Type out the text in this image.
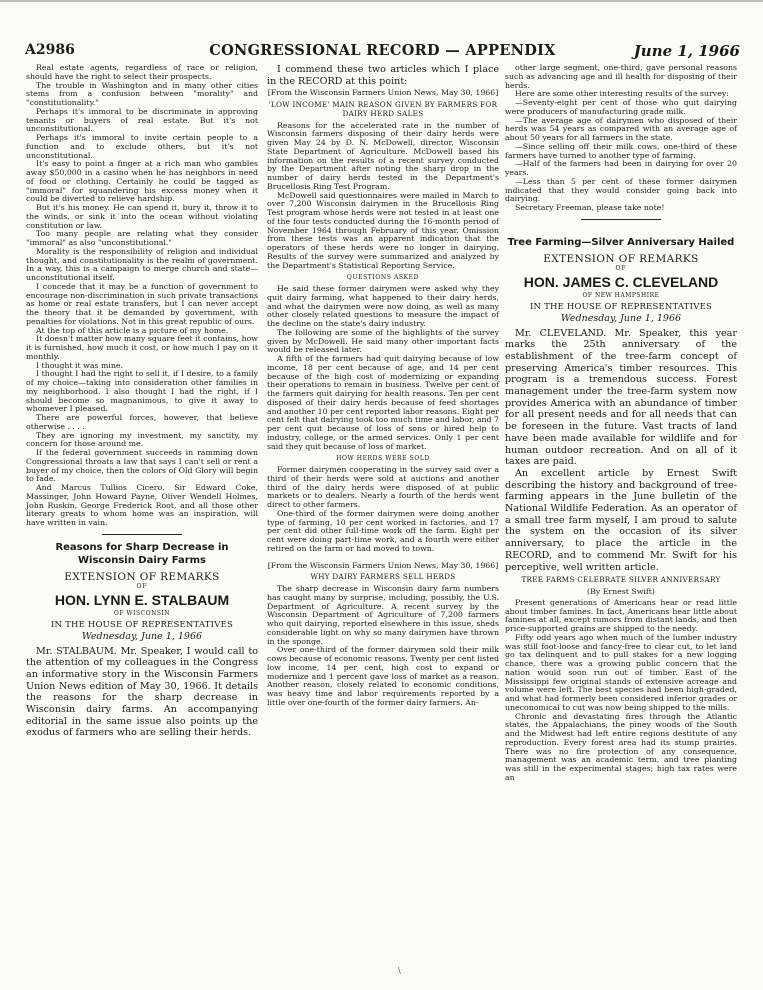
CONGRESSIONAL RECORD — APPENDIX
A2986	June 1, 1966

Real estate agents, regardless of race or religion, should have the right to select their prospects.

The trouble in Washington and in many other cities stems from a confusion between "morality" and "constitutionality."

Perhaps it's immoral to be discriminate in approving tenants or buyers of real estate. But it's not unconstitutional.

Perhaps it's immoral to invite certain people to a function and to exclude others, but it's not unconstitutional.

It's easy to point a finger at a rich man who gambles away $50,000 in a casino when he has neighbors in need of food or clothing. Certainly he could be tagged as "immoral" for squandering his excess money when it could be diverted to relieve hardship.

But it's his money. He can spend it, bury it, throw it to the winds, or sink it into the ocean without violating constitution or law.

Too many people are relating what they consider "immoral" as also "unconstitutional."

Morality is the responsibility of religion and individual thought, and constitutionality is the realm of government. In a way, this is a campaign to merge church and state—unconstitutional itself.

I concede that it may be a function of government to encourage non-discrimination in such private transactions as home or real estate transfers, but I can never accept the theory that it be demanded by government, with penalties for violations. Not in this great republic of ours.

At the top of this article is a picture of my home.

It doesn't matter how many square feet it contains, how it is furnished, how much it cost, or how much I pay on it monthly.

I thought it was mine.

I thought I had the right to sell it, if I desire, to a family of my choice—taking into consideration other families in my neighborhood. I also thought I had the right, if I should become so magnanimous, to give it away to whomever I pleased.

There are powerful forces, however, that believe otherwise . . . .

They are ignoring my investment, my sanctity, my concern for those around me.

If the federal government succeeds in ramming down Congressional throats a law that says I can't sell or rent a buyer of my choice, then the colors of Old Glory will begin to fade.

And Marcus Tullios Cicero, Sir Edward Coke, Massinger, John Howard Payne, Oliver Wendell Holmes, John Ruskin, George Frederick Root, and all those other literary greats to whom home was an inspiration, will have written in vain.

Reasons for Sharp Decrease in Wisconsin Dairy Farms
EXTENSION OF REMARKS
OF
HON. LYNN E. STALBAUM
OF WISCONSIN
IN THE HOUSE OF REPRESENTATIVES
Wednesday, June 1, 1966

Mr. STALBAUM. Mr. Speaker, I would call to the attention of my colleagues in the Congress an informative story in the Wisconsin Farmers Union News edition of May 30, 1966. It details the reasons for the sharp decrease in Wisconsin dairy farms. An accompanying editorial in the same issue also points up the exodus of farmers who are selling their herds.

I commend these two articles which I place in the RECORD at this point:

[From the Wisconsin Farmers Union News, May 30, 1966]
'LOW INCOME' MAIN REASON GIVEN BY FARMERS FOR DAIRY HERD SALES

Reasons for the accelerated rate in the number of Wisconsin farmers disposing of their dairy herds were given May 24 by D. N. McDowell, director, Wisconsin State Department of Agriculture. McDowell based his information on the results of a recent survey conducted by the Department after noting the sharp drop in the number of dairy herds tested in the Department's Brucellosis Ring Test Program.

McDowell said questionnaires were mailed in March to over 7,200 Wisconsin dairymen in the Brucellosis Ring Test program whose herds were not tested in at least one of the four tests conducted during the 16-month period of November 1964 through February of this year. Omission from these tests was an apparent indication that the operators of these herds were no longer in dairying. Results of the survey were summarized and analyzed by the Department's Statistical Reporting Service.

QUESTIONS ASKED

He said these former dairymen were asked why they quit dairy farming, what happened to their dairy herds, and what the dairymen were now doing, as well as many other closely related questions to measure the impact of the decline on the state's dairy industry.

The following are some of the highlights of the survey given by McDowell. He said many other important facts would be released later.

A fifth of the farmers had quit dairying because of low income, 18 per cent because of age, and 14 per cent because of the high cost of modernizing or expanding their operations to remain in business. Twelve per cent of the farmers quit dairying for health reasons. Ten per cent disposed of their dairy herds because of feed shortages and another 10 per cent reported labor reasons. Eight per cent felt that dairying took too much time and labor, and 7 per cent quit because of loss of sons or hired help to industry, college, or the armed services. Only 1 per cent said they quit because of loss of market.

HOW HERDS WERE SOLD

Former dairymen cooperating in the survey said over a third of their herds were sold at auctions and another third of the dairy herds were disposed of at public markets or to dealers. Nearly a fourth of the herds went direct to other farmers.

One-third of the former dairymen were doing another type of farming, 10 per cent worked in factories, and 17 per cent did other full-time work off the farm. Eight per cent were doing part-time work, and a fourth were either retired on the farm or had moved to town.

[From the Wisconsin Farmers Union News, May 30, 1966]
WHY DAIRY FARMERS SELL HERDS

The sharp decrease in Wisconsin dairy farm numbers has caught many by surprise, including, possibly, the U.S. Department of Agriculture. A recent survey by the Wisconsin Department of Agriculture of 7,200 farmers who quit dairying, reported elsewhere in this issue, sheds considerable light on why so many dairymen have thrown in the sponge.

Over one-third of the former dairymen sold their milk cows because of economic reasons. Twenty per cent listed low income, 14 per cent, high cost to expand or modernize and 1 percent gave loss of market as a reason. Another reason, closely related to economic conditions, was heavy time and labor requirements reported by a little over one-fourth of the former dairy farmers. An-

other large segment, one-third, gave personal reasons such as advancing age and ill health for disposing of their herds.

Here are some other interesting results of the survey:

—Seventy-eight per cent of those who quit dairying were producers of manufacturing grade milk.

—The average age of dairymen who disposed of their herds was 54 years as compared with an average age of about 50 years for all farmers in the state.

—Since selling off their milk cows, one-third of these farmers have turned to another type of farming.

—Half of the farmers had been in dairying for over 20 years.

—Less than 5 per cent of these former dairymen indicated that they would consider going back into dairying.

Secretary Freeman, please take note!

Tree Farming—Silver Anniversary Hailed
EXTENSION OF REMARKS
OF
HON. JAMES C. CLEVELAND
OF NEW HAMPSHIRE
IN THE HOUSE OF REPRESENTATIVES
Wednesday, June 1, 1966

Mr. CLEVELAND. Mr. Speaker, this year marks the 25th anniversary of the establishment of the tree-farm concept of preserving America's timber resources. This program is a tremendous success. Forest management under the tree-farm system now provides America with an abundance of timber for all present needs and for all needs that can be foreseen in the future. Vast tracts of land have been made available for wildlife and for human outdoor recreation. And on all of it taxes are paid.

An excellent article by Ernest Swift describing the history and background of tree-farming appears in the June bulletin of the National Wildlife Federation. As an operator of a small tree farm myself, I am proud to salute the system on the occasion of its silver anniversary, to place the article in the RECORD, and to commend Mr. Swift for his perceptive, well written article.

TREE FARMS CELEBRATE SILVER ANNIVERSARY
(By Ernest Swift)

Present generations of Americans hear or read little about timber famines. In fact, Americans hear little about famines at all, except rumors from distant lands, and then price-supported grains are shipped to the needy.

Fifty odd years ago when much of the lumber industry was still foot-loose and fancy-free to clear cut, to let land go tax delinquent and to pull stakes for a new logging chance, there was a growing public concern that the nation would soon run out of timber. East of the Mississippi few original stands of extensive acreage and volume were left. The best species had been high-graded, and what had formerly been considered inferior grades or uneconomical to cut was now being shipped to the mills.

Chronic and devastating fires through the Atlantic states, the Appalachians, the piney woods of the South and the Midwest had left entire regions destitute of any reproduction. Every forest area had its stump prairies. There was no fire protection of any consequence, management was an academic term, and tree planting was still in the experimental stages; high tax rates were an

\
